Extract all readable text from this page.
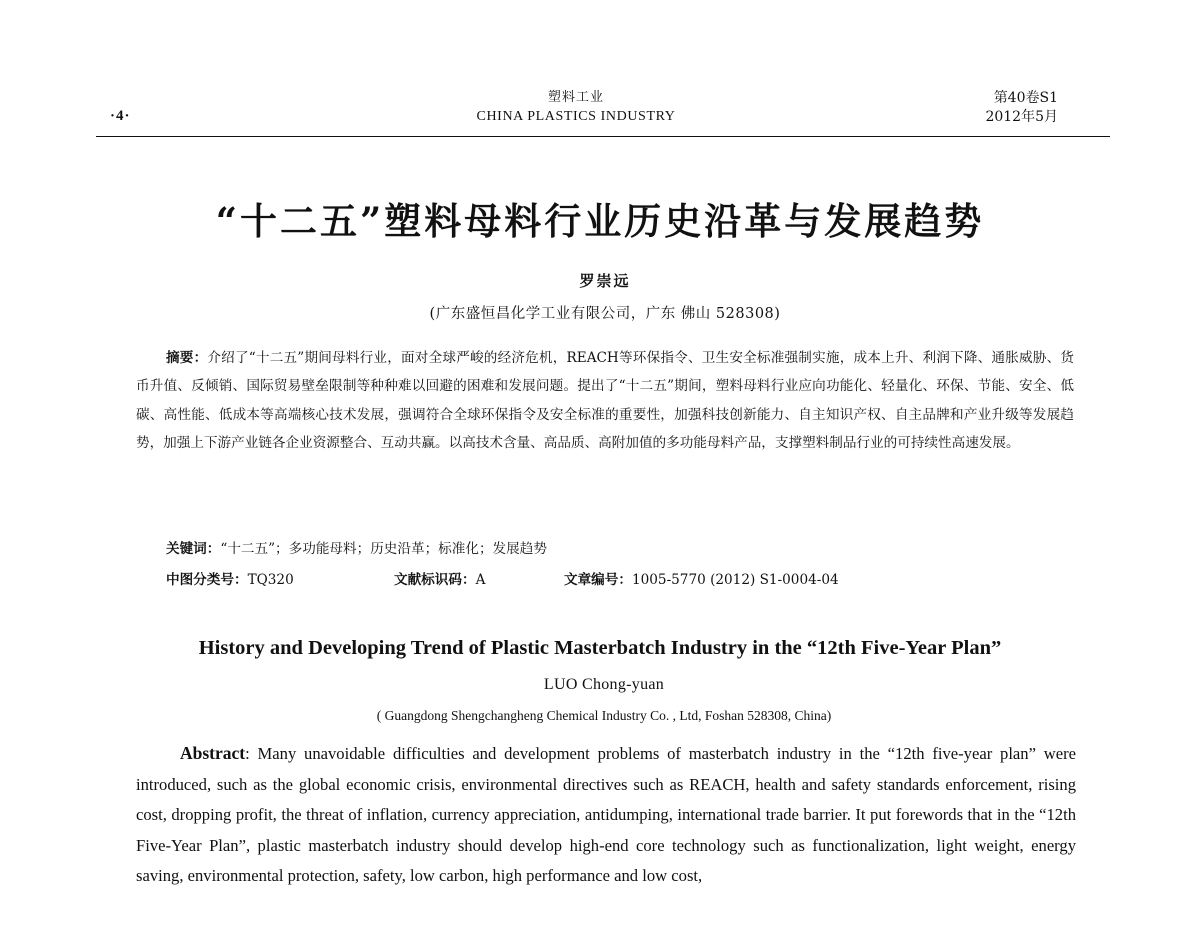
·4·
塑料工业
CHINA PLASTICS INDUSTRY
第40卷S1
2012年5月
“十二五”塑料母料行业历史沿革与发展趋势
罗崇远
(广东盛恒昌化学工业有限公司，广东 佛山 528308)
摘要：介绍了“十二五”期间母料行业，面对全球严峻的经济危机，REACH等环保指令、卫生安全标准强制实施，成本上升、利润下降、通胀威胁、货币升值、反倾销、国际贸易壁垒限制等种种难以回避的困难和发展问题。提出了“十二五”期间，塑料母料行业应向功能化、轻量化、环保、节能、安全、低碳、高性能、低成本等高端核心技术发展，强调符合全球环保指令及安全标准的重要性，加强科技创新能力、自主知识产权、自主品牌和产业升级等发展趋势，加强上下游产业链各企业资源整合、互动共赢。以高技术含量、高品质、高附加值的多功能母料产品，支撑塑料制品行业的可持续性高速发展。
关键词：“十二五”；多功能母料；历史沿革；标准化；发展趋势
中图分类号：TQ320	文献标识码：A	文章编号：1005-5770 (2012) S1-0004-04
History and Developing Trend of Plastic Masterbatch Industry in the “12th Five-Year Plan”
LUO Chong-yuan
( Guangdong Shengchangheng Chemical Industry Co. , Ltd, Foshan 528308, China)
Abstract: Many unavoidable difficulties and development problems of masterbatch industry in the “12th five-year plan” were introduced, such as the global economic crisis, environmental directives such as REACH, health and safety standards enforcement, rising cost, dropping profit, the threat of inflation, currency appreciation, antidumping, international trade barrier. It put forewords that in the “12th Five-Year Plan”, plastic masterbatch industry should develop high-end core technology such as functionalization, light weight, energy saving, environmental protection, safety, low carbon, high performance and low cost,
